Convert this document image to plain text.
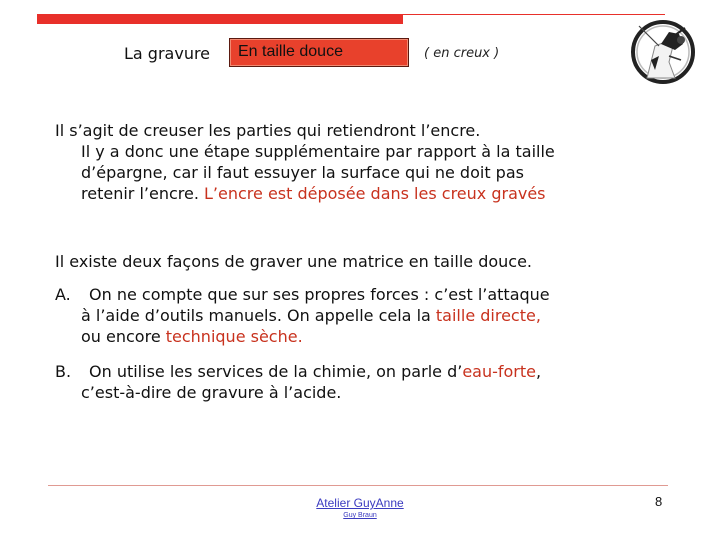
La gravure	En taille douce	( en creux )
Il s’agit de creuser les parties qui retiendront l’encre.
Il y a donc une étape supplémentaire par rapport à la taille
d’épargne, car il faut essuyer la surface qui ne doit pas
retenir l’encre. L’encre est déposée dans les creux gravés
Il existe deux façons de graver une matrice en taille douce.
A. On ne compte que sur ses propres forces : c’est l’attaque
à l’aide d’outils manuels. On appelle cela la taille directe,
ou encore technique sèche.
B. On utilise les services de la chimie, on parle d’eau-forte,
c’est-à-dire de gravure à l’acide.
Atelier GuyAnne
Guy Braun
8
